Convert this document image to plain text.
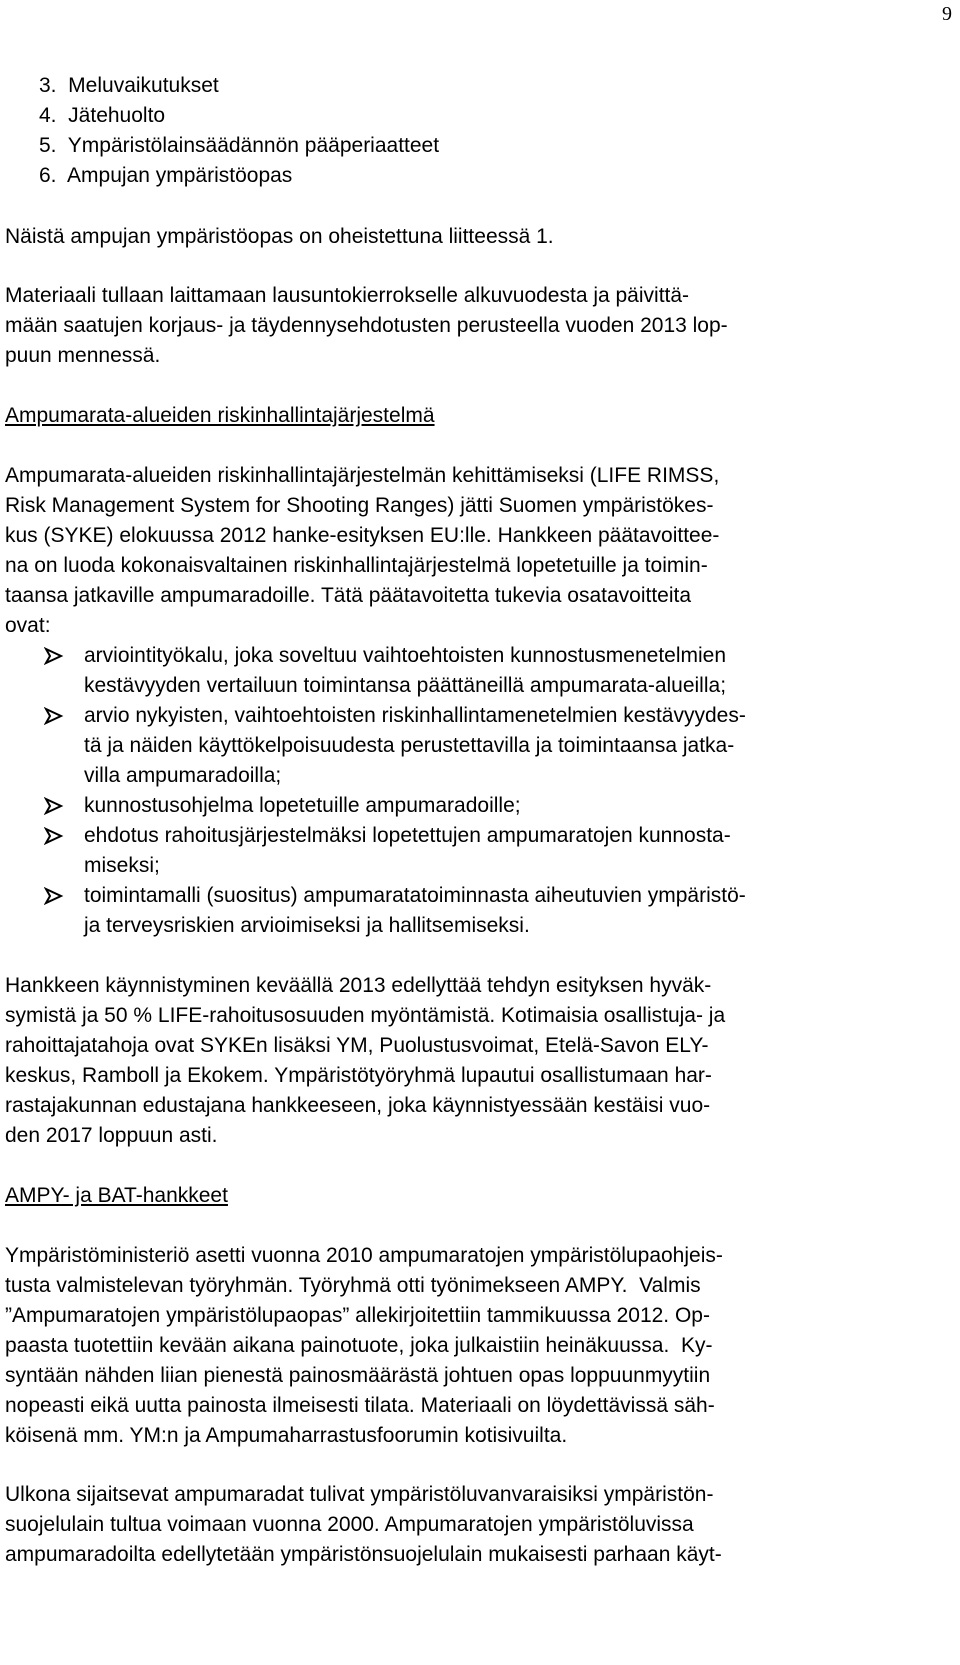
9
3.  Meluvaikutukset
4.  Jätehuolto
5.  Ympäristölainsäädännön pääperiaatteet
6.  Ampujan ympäristöopas
Näistä ampujan ympäristöopas on oheistettuna liitteessä 1.
Materiaali tullaan laittamaan lausuntokierrokselle alkuvuodesta ja päivittä-
mään saatujen korjaus- ja täydennysehdotusten perusteella vuoden 2013 lop-
puun mennessä.
Ampumarata-alueiden riskinhallintajärjestelmä
Ampumarata-alueiden riskinhallintajärjestelmän kehittämiseksi (LIFE RIMSS,
Risk Management System for Shooting Ranges) jätti Suomen ympäristökes-
kus (SYKE) elokuussa 2012 hanke-esityksen EU:lle. Hankkeen päätavoittee-
na on luoda kokonaisvaltainen riskinhallintajärjestelmä lopetetuille ja toimin-
taansa jatkaville ampumaradoille. Tätä päätavoitetta tukevia osatavoitteita
ovat:
arviointityökalu, joka soveltuu vaihtoehtoisten kunnostusmenetelmien
kestävyyden vertailuun toimintansa päättäneillä ampumarata-alueilla;
arvio nykyisten, vaihtoehtoisten riskinhallintamenetelmien kestävyydes-
tä ja näiden käyttökelpoisuudesta perustettavilla ja toimintaansa jatka-
villa ampumaradoilla;
kunnostusohjelma lopetetuille ampumaradoille;
ehdotus rahoitusjärjestelmäksi lopetettujen ampumaratojen kunnosta-
miseksi;
toimintamalli (suositus) ampumaratatoiminnasta aiheutuvien ympäristö-
ja terveysriskien arvioimiseksi ja hallitsemiseksi.
Hankkeen käynnistyminen keväällä 2013 edellyttää tehdyn esityksen hyväk-
symistä ja 50 % LIFE-rahoitusosuuden myöntämistä. Kotimaisia osallistuja- ja
rahoittajatahoja ovat SYKEn lisäksi YM, Puolustusvoimat, Etelä-Savon ELY-
keskus, Ramboll ja Ekokem. Ympäristötyöryhmä lupautui osallistumaan har-
rastajakunnan edustajana hankkeeseen, joka käynnistyessään kestäisi vuo-
den 2017 loppuun asti.
AMPY- ja BAT-hankkeet
Ympäristöministeriö asetti vuonna 2010 ampumaratojen ympäristölupaohjeis-
tusta valmistelevan työryhmän. Työryhmä otti työnimekseen AMPY.  Valmis
”Ampumaratojen ympäristölupaopas” allekirjoitettiin tammikuussa 2012. Op-
paasta tuotettiin kevään aikana painotuote, joka julkaistiin heinäkuussa.  Ky-
syntään nähden liian pienestä painosmäärästä johtuen opas loppuunmyytiin
nopeasti eikä uutta painosta ilmeisesti tilata. Materiaali on löydettävissä säh-
köisenä mm. YM:n ja Ampumaharrastusfoorumin kotisivuilta.
Ulkona sijaitsevat ampumaradat tulivat ympäristöluvanvaraisiksi ympäristön-
suojelulain tultua voimaan vuonna 2000. Ampumaratojen ympäristöluvissa
ampumaradoilta edellytetään ympäristönsuojelulain mukaisesti parhaan käyt-
